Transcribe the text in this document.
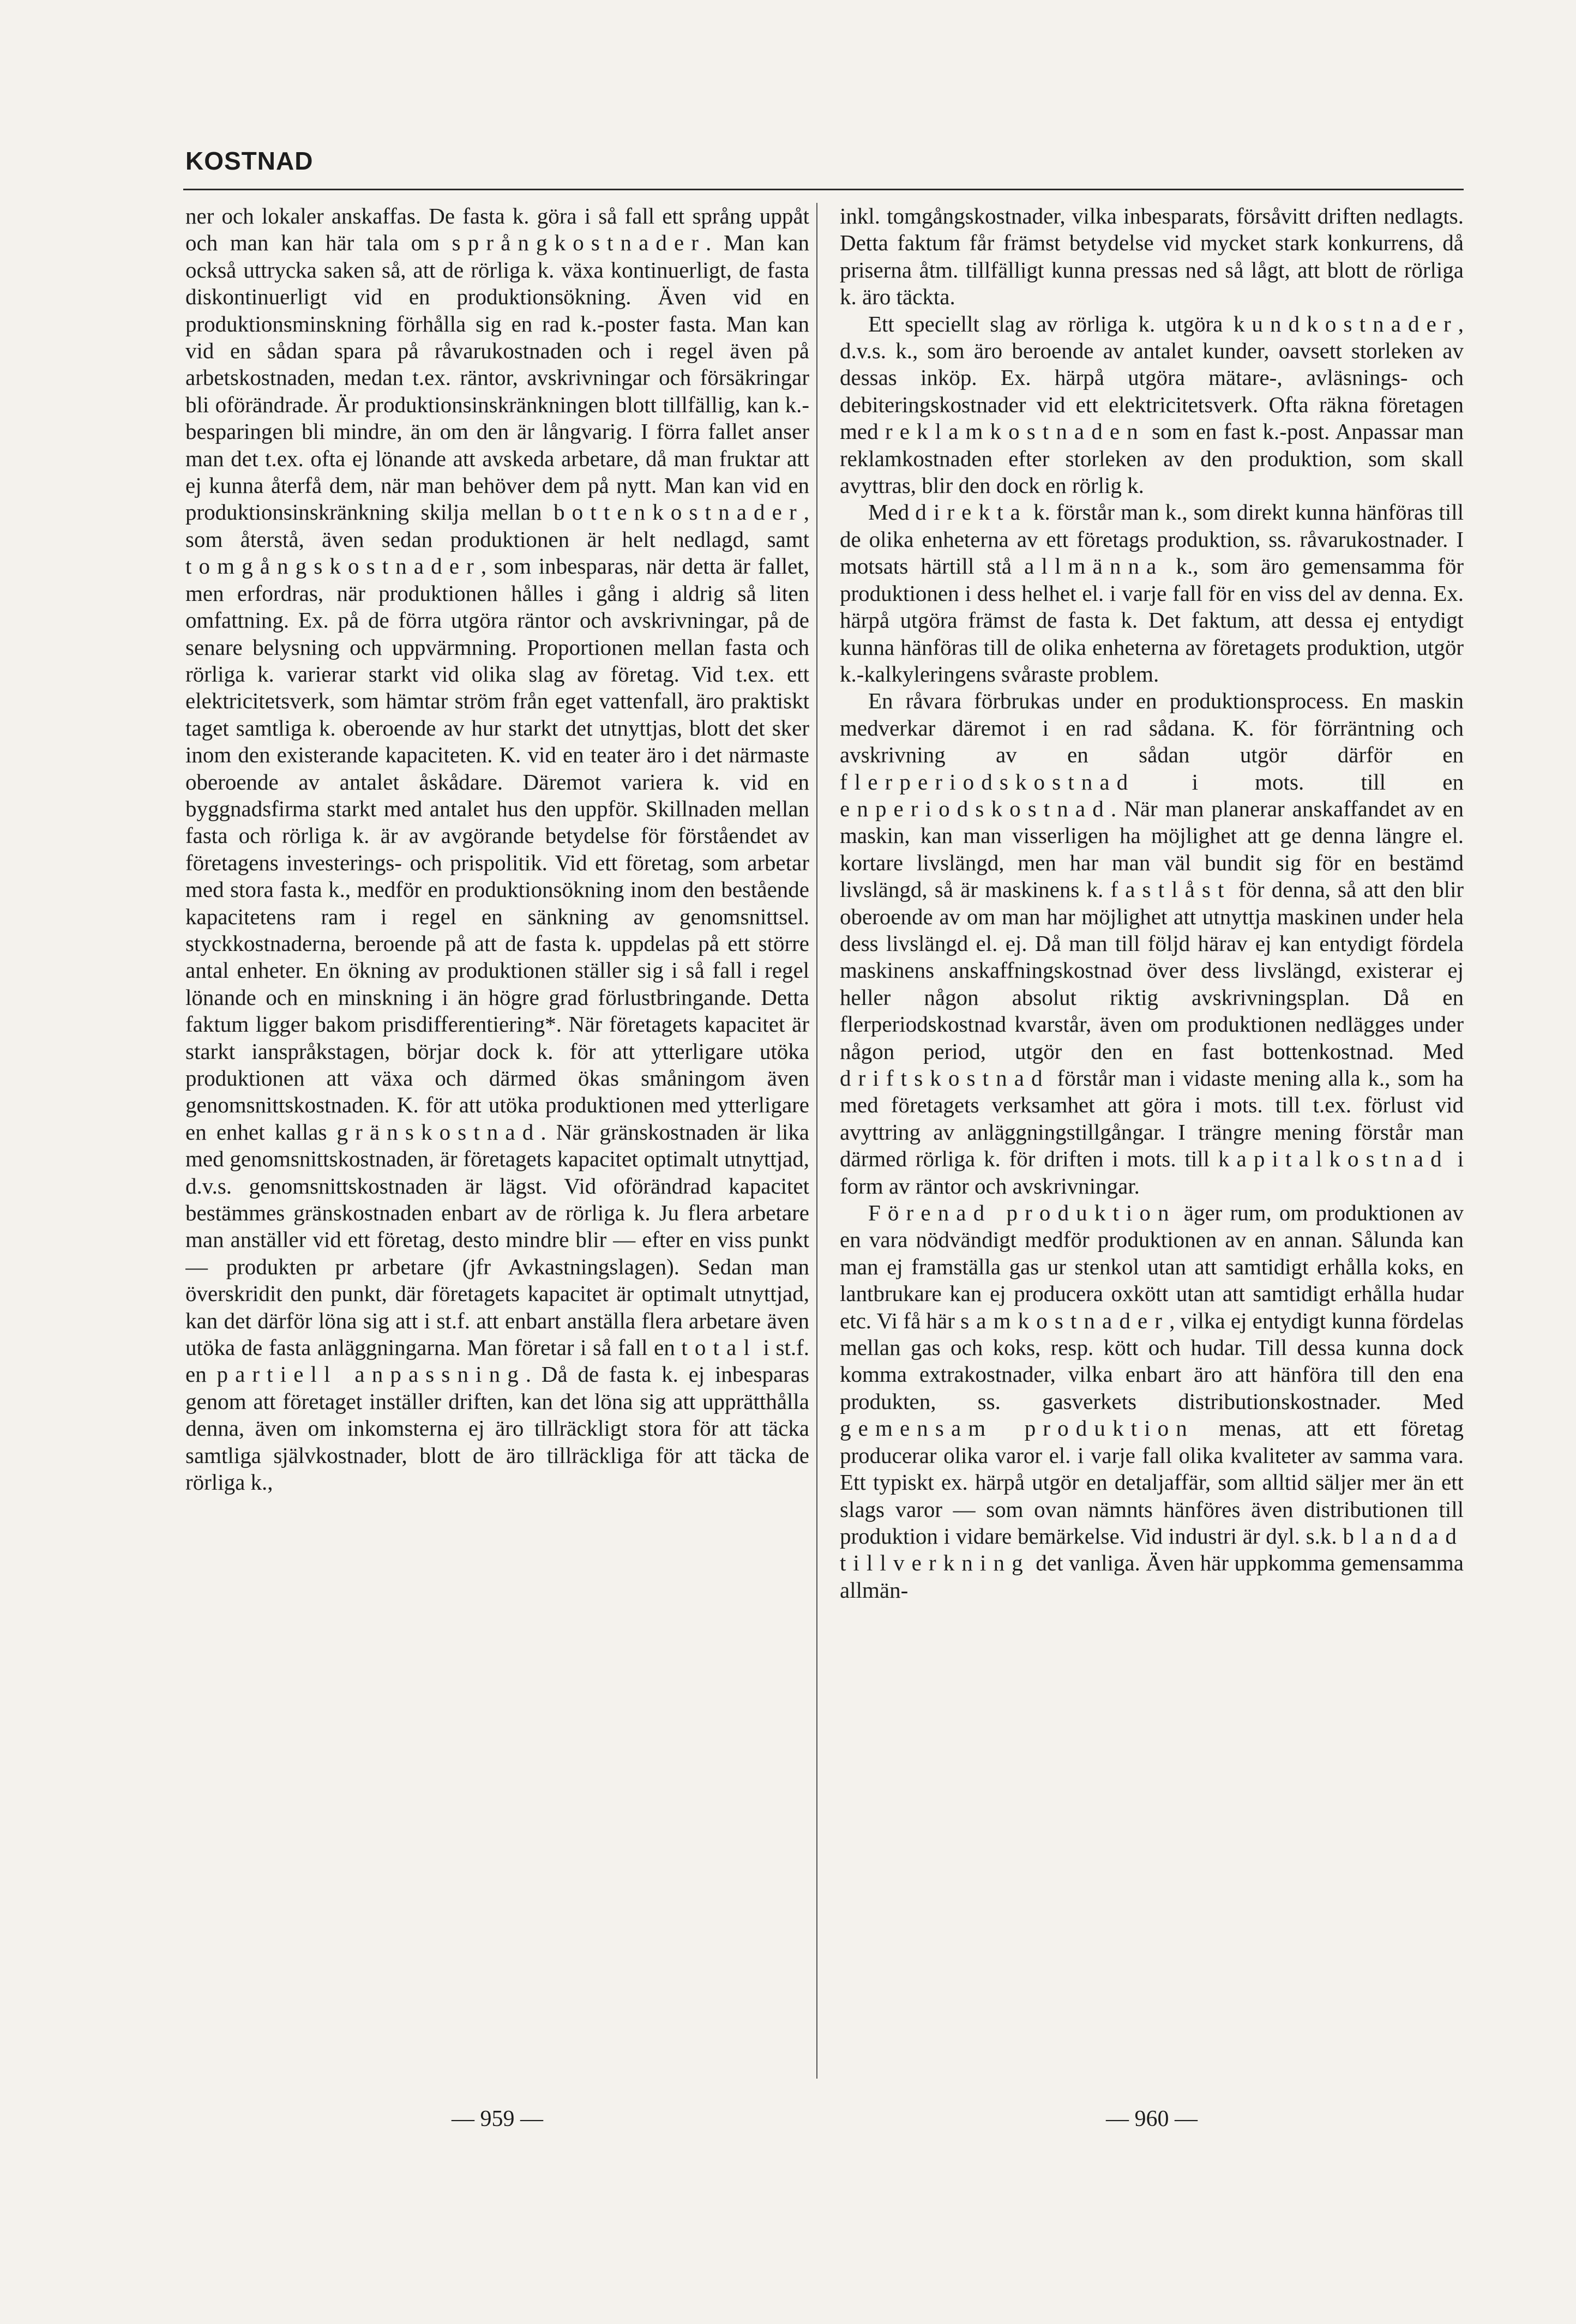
KOSTNAD

ner och lokaler anskaffas. De fasta k. göra i så fall ett språng uppåt och man kan här tala om språngkostnader. Man kan också uttrycka saken så, att de rörliga k. växa kontinuerligt, de fasta diskontinuerligt vid en produktionsökning. Även vid en produktionsminskning förhålla sig en rad k.-poster fasta. Man kan vid en sådan spara på råvarukostnaden och i regel även på arbetskostnaden, medan t.ex. räntor, avskrivningar och försäkringar bli oförändrade. Är produktionsinskränkningen blott tillfällig, kan k.-besparingen bli mindre, än om den är långvarig. I förra fallet anser man det t.ex. ofta ej lönande att avskeda arbetare, då man fruktar att ej kunna återfå dem, när man behöver dem på nytt. Man kan vid en produktionsinskränkning skilja mellan bottenkostnader, som återstå, även sedan produktionen är helt nedlagd, samt tomgångskostnader, som inbesparas, när detta är fallet, men erfordras, när produktionen hålles i gång i aldrig så liten omfattning. Ex. på de förra utgöra räntor och avskrivningar, på de senare belysning och uppvärmning. Proportionen mellan fasta och rörliga k. varierar starkt vid olika slag av företag. Vid t.ex. ett elektricitetsverk, som hämtar ström från eget vattenfall, äro praktiskt taget samtliga k. oberoende av hur starkt det utnyttjas, blott det sker inom den existerande kapaciteten. K. vid en teater äro i det närmaste oberoende av antalet åskådare. Däremot variera k. vid en byggnadsfirma starkt med antalet hus den uppför. Skillnaden mellan fasta och rörliga k. är av avgörande betydelse för förståendet av företagens investerings- och prispolitik. Vid ett företag, som arbetar med stora fasta k., medför en produktionsökning inom den bestående kapacitetens ram i regel en sänkning av genomsnittsel. styckkostnaderna, beroende på att de fasta k. uppdelas på ett större antal enheter. En ökning av produktionen ställer sig i så fall i regel lönande och en minskning i än högre grad förlustbringande. Detta faktum ligger bakom prisdifferentiering*. När företagets kapacitet är starkt ianspråkstagen, börjar dock k. för att ytterligare utöka produktionen att växa och därmed ökas småningom även genomsnittskostnaden. K. för att utöka produktionen med ytterligare en enhet kallas gränskostnad. När gränskostnaden är lika med genomsnittskostnaden, är företagets kapacitet optimalt utnyttjad, d.v.s. genomsnittskostnaden är lägst. Vid oförändrad kapacitet bestämmes gränskostnaden enbart av de rörliga k. Ju flera arbetare man anställer vid ett företag, desto mindre blir — efter en viss punkt — produkten pr arbetare (jfr Avkastningslagen). Sedan man överskridit den punkt, där företagets kapacitet är optimalt utnyttjad, kan det därför löna sig att i st.f. att enbart anställa flera arbetare även utöka de fasta anläggningarna. Man företar i så fall en total i st.f. en partiell anpassning. Då de fasta k. ej inbesparas genom att företaget inställer driften, kan det löna sig att upprätthålla denna, även om inkomsterna ej äro tillräckligt stora för att täcka samtliga självkostnader, blott de äro tillräckliga för att täcka de rörliga k.,

inkl. tomgångskostnader, vilka inbesparats, försåvitt driften nedlagts. Detta faktum får främst betydelse vid mycket stark konkurrens, då priserna åtm. tillfälligt kunna pressas ned så lågt, att blott de rörliga k. äro täckta.

Ett speciellt slag av rörliga k. utgöra kundkostnader, d.v.s. k., som äro beroende av antalet kunder, oavsett storleken av dessas inköp. Ex. härpå utgöra mätare-, avläsnings- och debiteringskostnader vid ett elektricitetsverk. Ofta räkna företagen med reklamkostnaden som en fast k.-post. Anpassar man reklamkostnaden efter storleken av den produktion, som skall avyttras, blir den dock en rörlig k.

Med direkta k. förstår man k., som direkt kunna hänföras till de olika enheterna av ett företags produktion, ss. råvarukostnader. I motsats härtill stå allmänna k., som äro gemensamma för produktionen i dess helhet el. i varje fall för en viss del av denna. Ex. härpå utgöra främst de fasta k. Det faktum, att dessa ej entydigt kunna hänföras till de olika enheterna av företagets produktion, utgör k.-kalkyleringens svåraste problem.

En råvara förbrukas under en produktionsprocess. En maskin medverkar däremot i en rad sådana. K. för förräntning och avskrivning av en sådan utgör därför en flerperiodskostnad i mots. till en enperiodskostnad. När man planerar anskaffandet av en maskin, kan man visserligen ha möjlighet att ge denna längre el. kortare livslängd, men har man väl bundit sig för en bestämd livslängd, så är maskinens k. fastlåst för denna, så att den blir oberoende av om man har möjlighet att utnyttja maskinen under hela dess livslängd el. ej. Då man till följd härav ej kan entydigt fördela maskinens anskaffningskostnad över dess livslängd, existerar ej heller någon absolut riktig avskrivningsplan. Då en flerperiodskostnad kvarstår, även om produktionen nedlägges under någon period, utgör den en fast bottenkostnad. Med driftskostnad förstår man i vidaste mening alla k., som ha med företagets verksamhet att göra i mots. till t.ex. förlust vid avyttring av anläggningstillgångar. I trängre mening förstår man därmed rörliga k. för driften i mots. till kapitalkostnad i form av räntor och avskrivningar.

Förenad produktion äger rum, om produktionen av en vara nödvändigt medför produktionen av en annan. Sålunda kan man ej framställa gas ur stenkol utan att samtidigt erhålla koks, en lantbrukare kan ej producera oxkött utan att samtidigt erhålla hudar etc. Vi få här samkostnader, vilka ej entydigt kunna fördelas mellan gas och koks, resp. kött och hudar. Till dessa kunna dock komma extrakostnader, vilka enbart äro att hänföra till den ena produkten, ss. gasverkets distributionskostnader. Med gemensam produktion menas, att ett företag producerar olika varor el. i varje fall olika kvaliteter av samma vara. Ett typiskt ex. härpå utgör en detaljaffär, som alltid säljer mer än ett slags varor — som ovan nämnts hänföres även distributionen till produktion i vidare bemärkelse. Vid industri är dyl. s.k. blandad tillverkning det vanliga. Även här uppkomma gemensamma allmän-

— 959 —	— 960 —
